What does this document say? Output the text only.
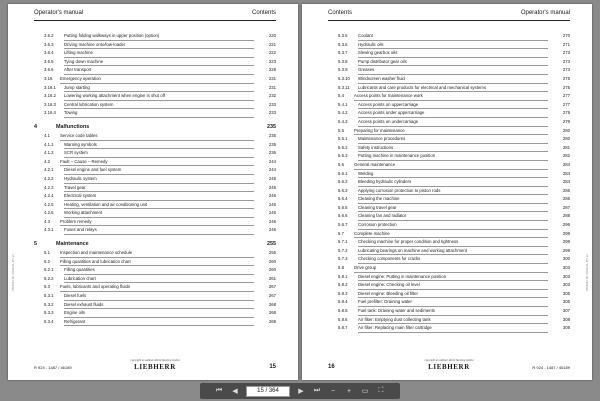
Operator's manual	Contents
3.6.2 Putting folding walkways in upper position (option)	220
3.6.3 Driving machine onto/low-loader	221
3.6.4 Lifting machine	222
3.6.5 Tying down machine	223
3.6.6 After transport	228
3.16 Emergency operation	231
3.16.1 Jump starting	231
3.16.2 Lowering working attachment when engine is shut off	232
3.16.3 Central lubrication system	233
3.16.4 Towing	233
4	Malfunctions	235
4.1 Service code tables	235
4.1.1 Warning symbols	235
4.1.2 SCR system	236
4.2 Fault – Cause – Remedy	244
4.2.1 Diesel engine and fuel system	244
4.2.2 Hydraulic system	245
4.2.3 Travel gear	245
4.2.4 Electrical system	246
4.2.5 Heating, ventilation and air conditioning unit	246
4.2.6 Working attachment	246
4.3 Problem remedy	246
4.3.1 Fuses and relays	246
5	Maintenance	255
5.1 Inspection and maintenance schedule	255
5.2 Filling quantities and lubrication chart	260
5.2.1 Filling quantities	260
5.2.2 Lubrication chart	261
5.3 Fuels, lubricants and operating fluids	267
5.3.1 Diesel fuels	267
5.3.2 Diesel exhaust fluids	268
5.3.3 Engine oils	268
5.3.4 Refrigerant	269
27015A / 00 / 2014-01-15 / en
R 924 - 1487 / 46189
copyright to Liebherr-Werk Nenzing GmbH
LIEBHERR	15
Contents	Operator's manual
5.3.5 Coolant	270
5.3.6 Hydraulic oils	271
5.3.7 Slewing gearbox oils	273
5.3.8 Pump distributor gear oils	273
5.3.9 Greases	273
5.3.10 Windscreen washer fluid	275
5.3.11 Lubricants and care products for electrical and mechanical systems	275
5.4 Access points for maintenance work	277
5.4.1 Access points on uppercarriage	277
5.4.2 Access points under uppercarriage	278
5.4.3 Access points on undercarriage	279
5.5 Preparing for maintenance	280
5.5.1 Maintenance procedures	280
5.5.2 Safety instructions	281
5.5.3 Putting machine in maintenance position	282
5.6 General maintenance	284
5.6.1 Welding	284
5.6.2 Bleeding hydraulic cylinders	284
5.6.3 Applying corrosion protection to piston rods	286
5.6.4 Cleaning the machine	286
5.6.5 Cleaning travel gear	287
5.6.6 Cleaning fan and radiator	288
5.6.7 Corrosion protection	296
5.7 Complete machine	299
5.7.1 Checking machine for proper condition and tightness	299
5.7.2 Lubricating bearings on machine and working attachment	299
5.7.3 Checking components for cracks	300
5.8 Drive group	303
5.8.1 Diesel engine: Putting in maintenance position	303
5.8.2 Diesel engine: Checking oil level	303
5.8.3 Diesel engine: Bleeding oil filter	305
5.8.4 Fuel prefilter: Draining water	305
5.8.5 Fuel tank: Draining water and sediments	307
5.8.6 Air filter: Emptying dust collecting tank	308
5.8.7 Air filter: Replacing main filter cartridge	308
27015A / 00 / 2014-01-15 / en
16
copyright to Liebherr-Werk Nenzing GmbH
LIEBHERR	R 924 - 1487 / 46189
⏮	◀	15 / 364	▶	⏭	−	+	▭	⛶
